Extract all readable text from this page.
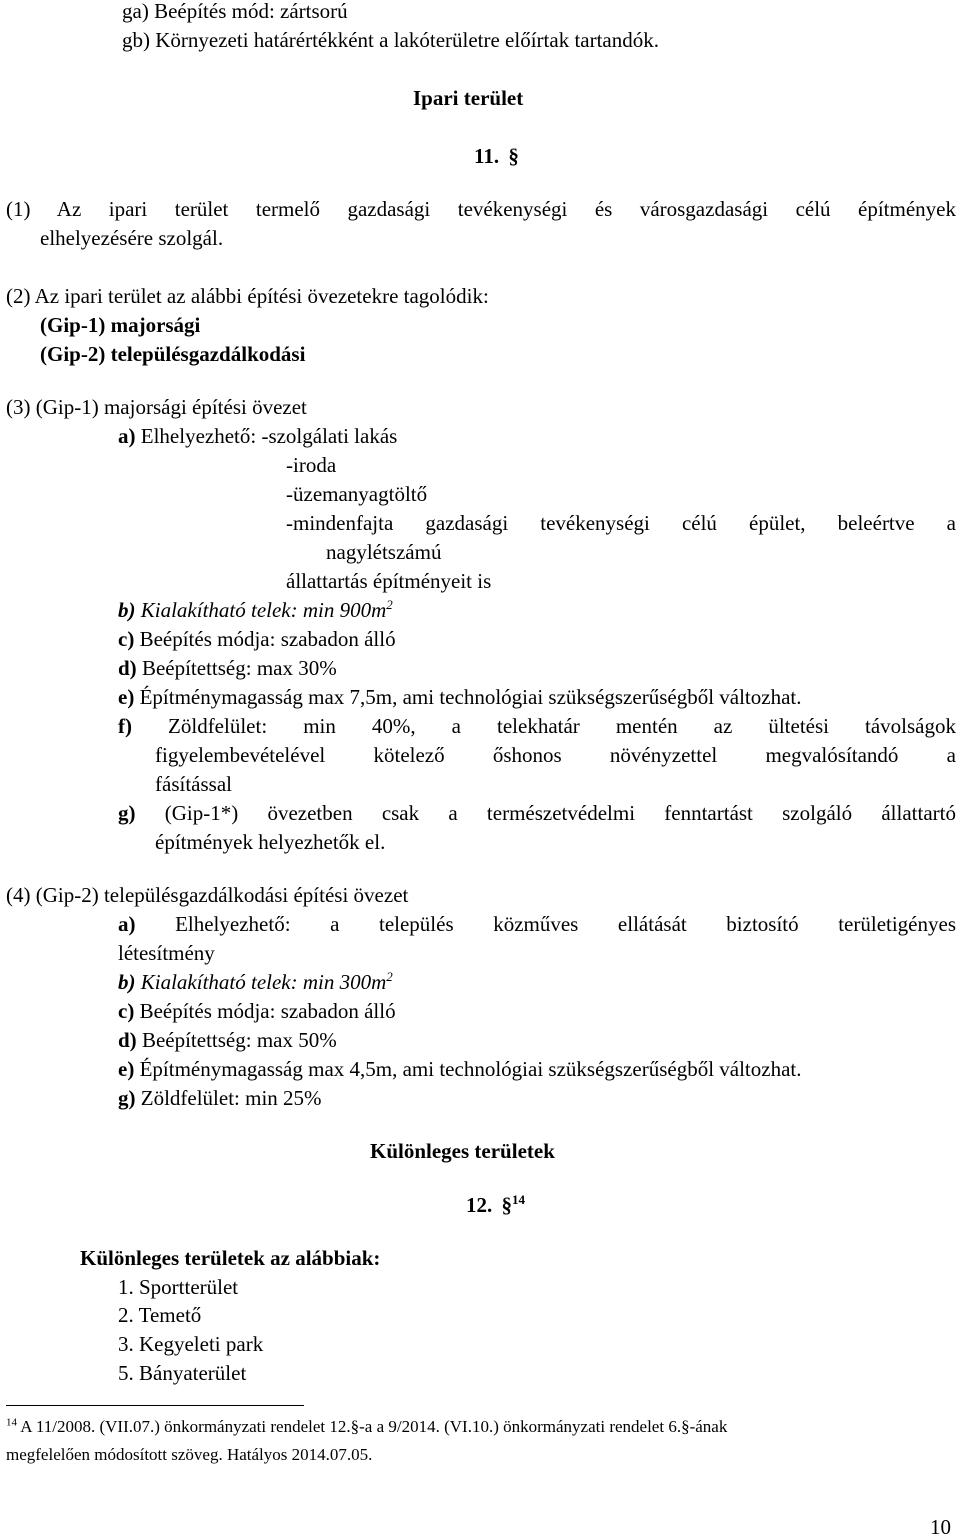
ga) Beépítés mód: zártsorú
gb) Környezeti határértékként a lakóterületre előírtak tartandók.
Ipari terület
11. §
(1) Az ipari terület termelő gazdasági tevékenységi és városgazdasági célú építmények
elhelyezésére szolgál.
(2) Az ipari terület az alábbi építési övezetekre tagolódik:
(Gip-1) majorsági
(Gip-2) településgazdálkodási
(3) (Gip-1) majorsági építési övezet
a) Elhelyezhető: -szolgálati lakás
-iroda
-üzemanyagtöltő
-mindenfajta gazdasági tevékenységi célú épület, beleértve a
nagylétszámú
állattartás építményeit is
b) Kialakítható telek: $\min 900m^2$
c) Beépítés módja: szabadon álló
d) Beépítettség: max 30%
e) Építménymagasság max 7,5m, ami technológiai szükségszerűségből változhat.
f) Zöldfelület: min 40%, a telekhatár mentén az ültetési távolságok
figyelembevételével kötelező őshonos növényzettel megvalósítandó a
fásítással
g) (Gip-1*) övezetben csak a természetvédelmi fenntartást szolgáló állattartó
építmények helyezhetők el.
(4) (Gip-2) településgazdálkodási építési övezet
a) Elhelyezhető: a település közműves ellátását biztosító területigényes
létesítmény
b) Kialakítható telek: $\min 300m^2$
c) Beépítés módja: szabadon álló
d) Beépítettség: max 50%
e) Építménymagasság max 4,5m, ami technológiai szükségszerűségből változhat.
g) Zöldfelület: min 25%
Különleges területek
12. §$^{14}$
Különleges területek az alábbiak:
1. Sportterület
2. Temető
3. Kegyeleti park
5. Bányaterület
$^{14}$ A 11/2008. (VII.07.) önkormányzati rendelet 12.§-a a 9/2014. (VI.10.) önkormányzati rendelet 6.§-ának
megfelelően módosított szöveg. Hatályos 2014.07.05.
10
